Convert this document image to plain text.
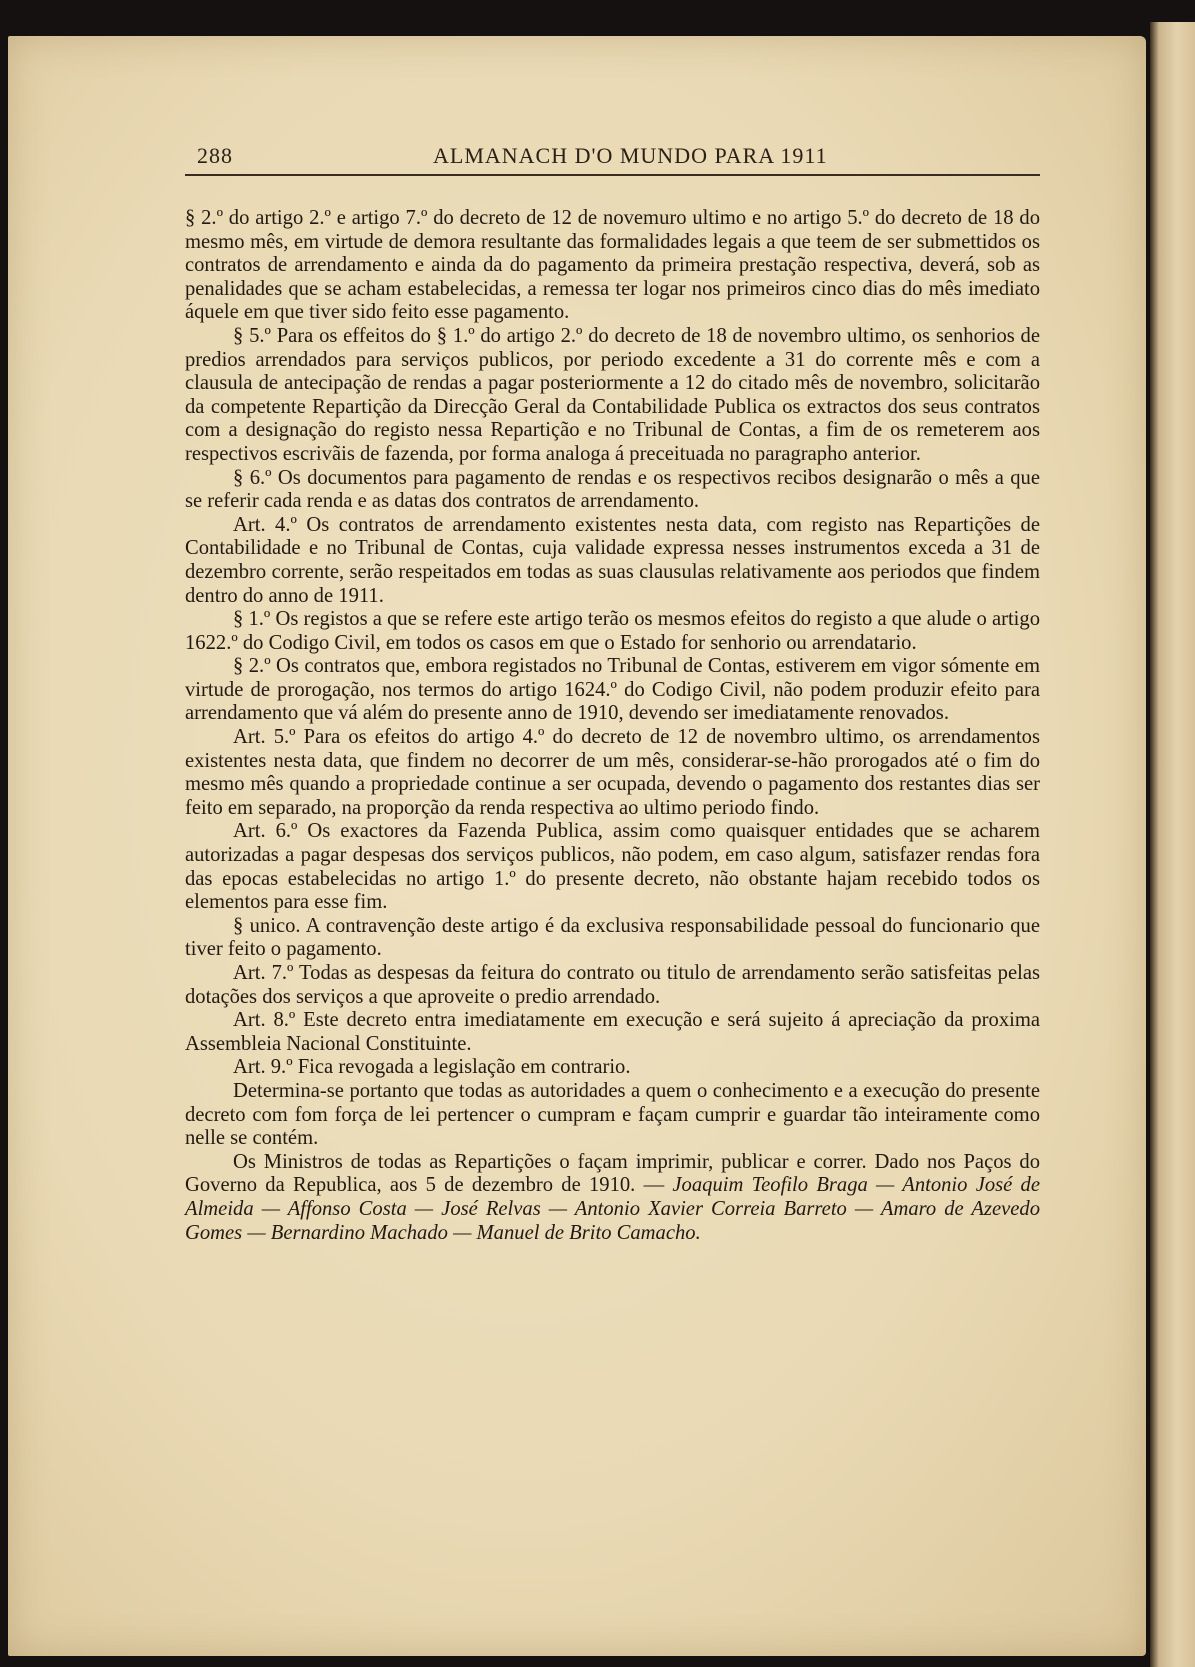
288	ALMANACH D'O MUNDO PARA 1911

§ 2.º do artigo 2.º e artigo 7.º do decreto de 12 de novemuro ultimo e no artigo 5.º do decreto de 18 do mesmo mês, em virtude de demora resultante das formalidades legais a que teem de ser submettidos os contratos de arrendamento e ainda da do pagamento da primeira prestação respectiva, deverá, sob as penalidades que se acham estabelecidas, a remessa ter logar nos primeiros cinco dias do mês imediato áquele em que tiver sido feito esse pagamento.

§ 5.º Para os effeitos do § 1.º do artigo 2.º do decreto de 18 de novembro ultimo, os senhorios de predios arrendados para serviços publicos, por periodo excedente a 31 do corrente mês e com a clausula de antecipação de rendas a pagar posteriormente a 12 do citado mês de novembro, solicitarão da competente Repartição da Direcção Geral da Contabilidade Publica os extractos dos seus contratos com a designação do registo nessa Repartição e no Tribunal de Contas, a fim de os remeterem aos respectivos escrivãis de fazenda, por forma analoga á preceituada no paragrapho anterior.

§ 6.º Os documentos para pagamento de rendas e os respectivos recibos designarão o mês a que se referir cada renda e as datas dos contratos de arrendamento.

Art. 4.º Os contratos de arrendamento existentes nesta data, com registo nas Repartições de Contabilidade e no Tribunal de Contas, cuja validade expressa nesses instrumentos exceda a 31 de dezembro corrente, serão respeitados em todas as suas clausulas relativamente aos periodos que findem dentro do anno de 1911.

§ 1.º Os registos a que se refere este artigo terão os mesmos efeitos do registo a que alude o artigo 1622.º do Codigo Civil, em todos os casos em que o Estado for senhorio ou arrendatario.

§ 2.º Os contratos que, embora registados no Tribunal de Contas, estiverem em vigor sómente em virtude de prorogação, nos termos do artigo 1624.º do Codigo Civil, não podem produzir efeito para arrendamento que vá além do presente anno de 1910, devendo ser imediatamente renovados.

Art. 5.º Para os efeitos do artigo 4.º do decreto de 12 de novembro ultimo, os arrendamentos existentes nesta data, que findem no decorrer de um mês, considerar-se-hão prorogados até o fim do mesmo mês quando a propriedade continue a ser ocupada, devendo o pagamento dos restantes dias ser feito em separado, na proporção da renda respectiva ao ultimo periodo findo.

Art. 6.º Os exactores da Fazenda Publica, assim como quaisquer entidades que se acharem autorizadas a pagar despesas dos serviços publicos, não podem, em caso algum, satisfazer rendas fora das epocas estabelecidas no artigo 1.º do presente decreto, não obstante hajam recebido todos os elementos para esse fim.

§ unico. A contravenção deste artigo é da exclusiva responsabilidade pessoal do funcionario que tiver feito o pagamento.

Art. 7.º Todas as despesas da feitura do contrato ou titulo de arrendamento serão satisfeitas pelas dotações dos serviços a que aproveite o predio arrendado.

Art. 8.º Este decreto entra imediatamente em execução e será sujeito á apreciação da proxima Assembleia Nacional Constituinte.

Art. 9.º Fica revogada a legislação em contrario.

Determina-se portanto que todas as autoridades a quem o conhecimento e a execução do presente decreto com fom força de lei pertencer o cumpram e façam cumprir e guardar tão inteiramente como nelle se contém.

Os Ministros de todas as Repartições o façam imprimir, publicar e correr. Dado nos Paços do Governo da Republica, aos 5 de dezembro de 1910. — Joaquim Teofilo Braga — Antonio José de Almeida — Affonso Costa — José Relvas — Antonio Xavier Correia Barreto — Amaro de Azevedo Gomes — Bernardino Machado — Manuel de Brito Camacho.
